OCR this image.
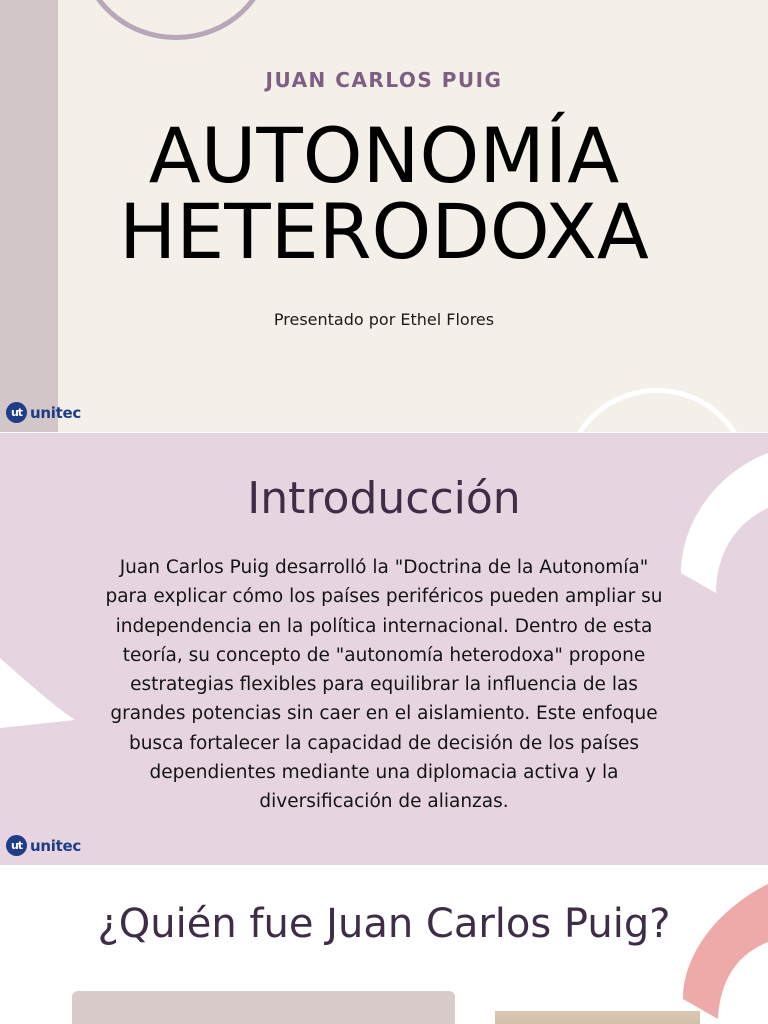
JUAN CARLOS PUIG
AUTONOMÍA
HETERODOXA
Presentado por Ethel Flores
ut unitec
Introducción

Juan Carlos Puig desarrolló la "Doctrina de la Autonomía" para explicar cómo los países periféricos pueden ampliar su independencia en la política internacional. Dentro de esta teoría, su concepto de "autonomía heterodoxa" propone estrategias flexibles para equilibrar la influencia de las grandes potencias sin caer en el aislamiento. Este enfoque busca fortalecer la capacidad de decisión de los países dependientes mediante una diplomacia activa y la diversificación de alianzas.

ut unitec
¿Quién fue Juan Carlos Puig?
